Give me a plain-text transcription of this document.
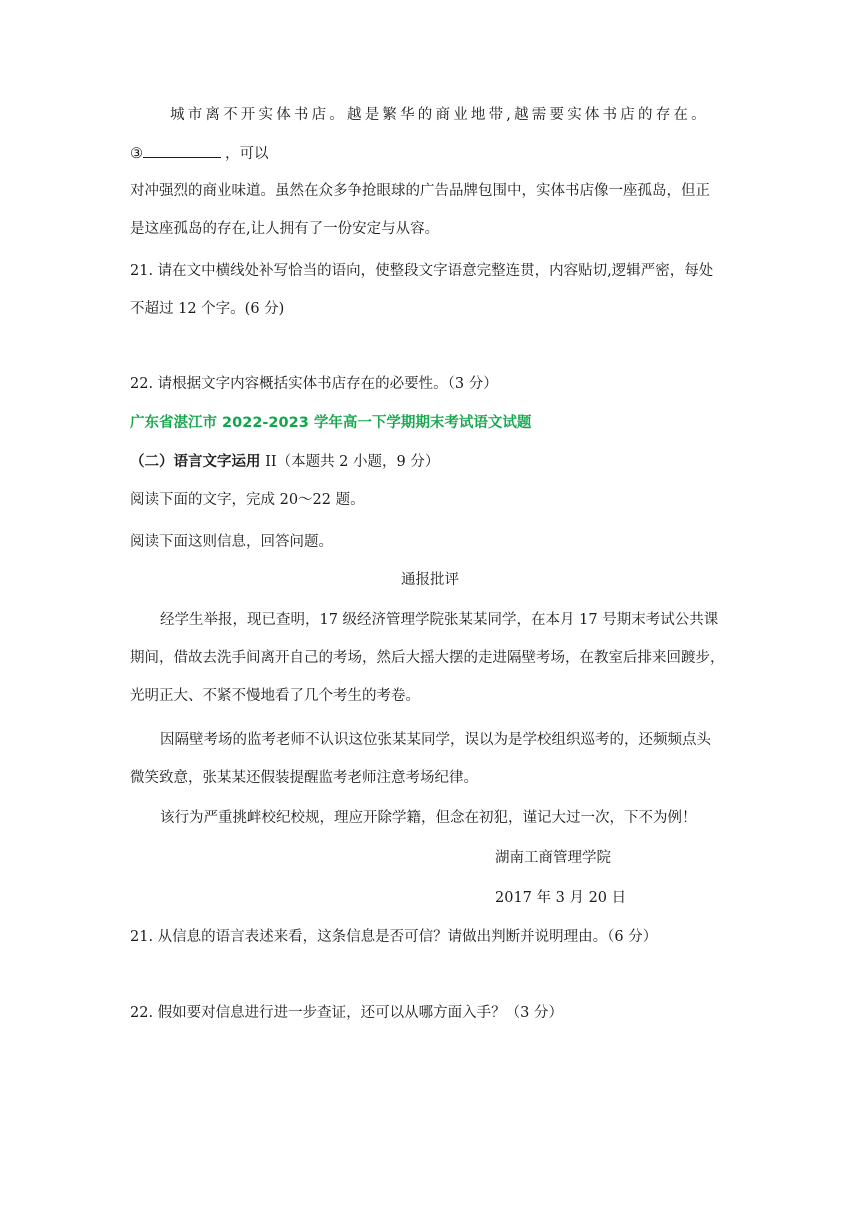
城市离不开实体书店。越是繁华的商业地带,越需要实体书店的存在。
③	，可以
对冲强烈的商业味道。虽然在众多争抢眼球的广告品牌包围中，实体书店像一座孤岛，但正
是这座孤岛的存在,让人拥有了一份安定与从容。
21. 请在文中横线处补写恰当的语向，使整段文字语意完整连贯，内容贴切,逻辑严密，每处
不超过 12 个字。(6 分)
22. 请根据文字内容概括实体书店存在的必要性。（3 分）
广东省湛江市 2022-2023 学年高一下学期期末考试语文试题
（二）语言文字运用 II（本题共 2 小题，9 分）
阅读下面的文字，完成 20～22 题。
阅读下面这则信息，回答问题。
通报批评
经学生举报，现已查明，17 级经济管理学院张某某同学，在本月 17 号期末考试公共课
期间，借故去洗手间离开自己的考场，然后大摇大摆的走进隔壁考场，在教室后排来回踱步，
光明正大、不紧不慢地看了几个考生的考卷。
因隔壁考场的监考老师不认识这位张某某同学，误以为是学校组织巡考的，还频频点头
微笑致意，张某某还假装提醒监考老师注意考场纪律。
该行为严重挑衅校纪校规，理应开除学籍，但念在初犯，谨记大过一次，下不为例！
湖南工商管理学院
2017 年 3 月 20 日
21. 从信息的语言表述来看，这条信息是否可信？请做出判断并说明理由。（6 分）
22. 假如要对信息进行进一步查证，还可以从哪方面入手？（3 分）
